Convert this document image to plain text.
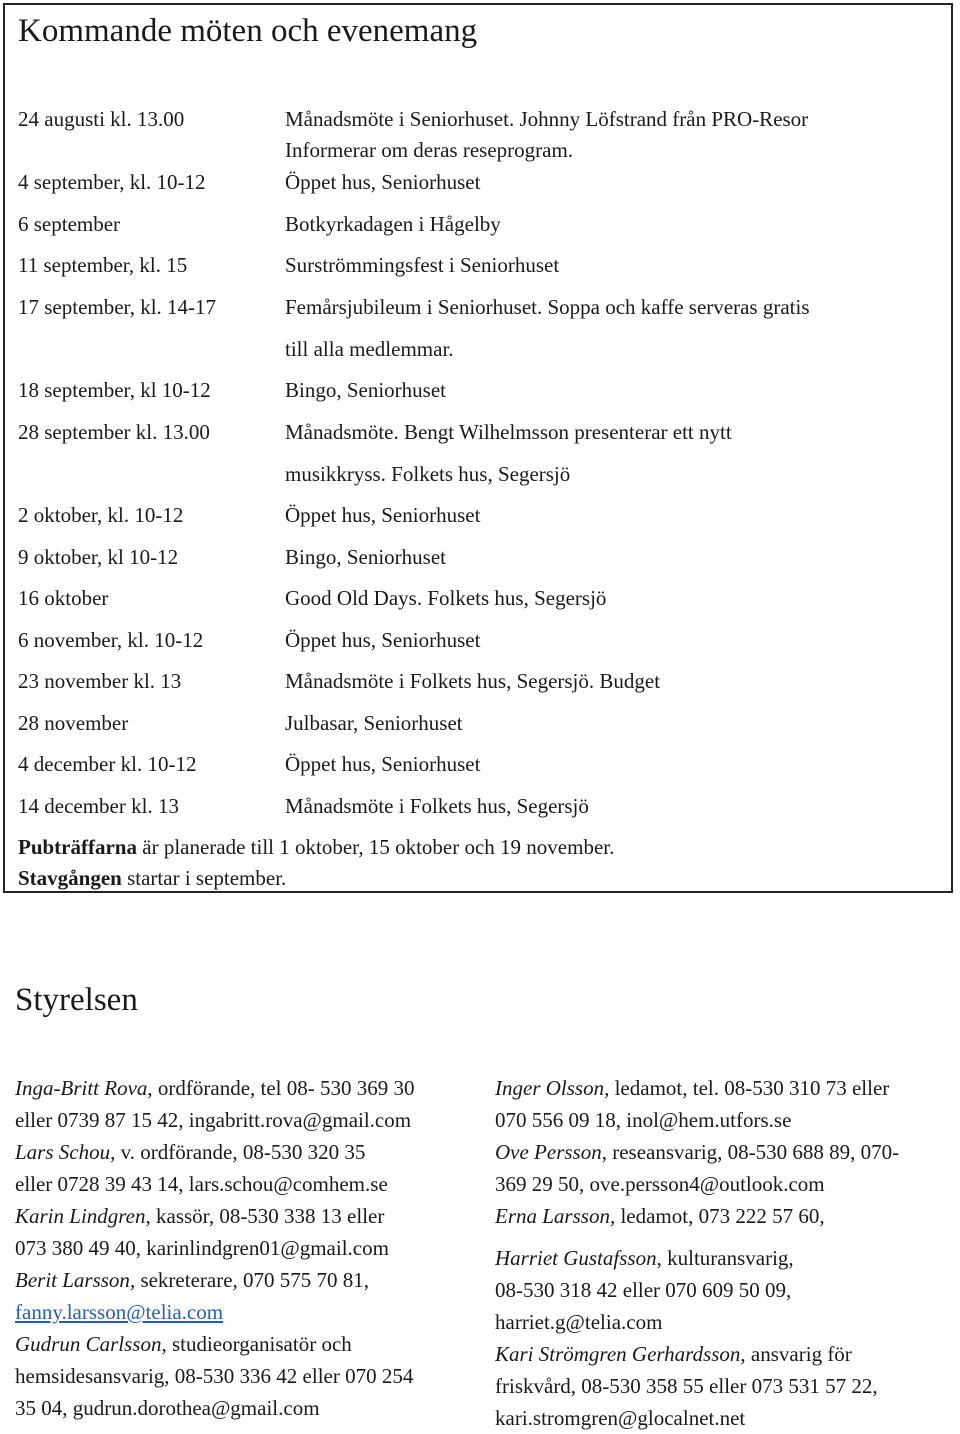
Kommande möten och evenemang
24 augusti kl. 13.00	Månadsmöte i Seniorhuset. Johnny Löfstrand från PRO-Resor
Informerar om deras reseprogram.
4 september, kl. 10-12	Öppet hus, Seniorhuset
6 september	Botkyrkadagen i Hågelby
11 september, kl. 15	Surströmmingsfest i Seniorhuset
17 september, kl. 14-17	Femårsjubileum i Seniorhuset. Soppa och kaffe serveras gratis
till alla medlemmar.
18 september, kl 10-12	Bingo, Seniorhuset
28 september kl. 13.00	Månadsmöte. Bengt Wilhelmsson presenterar ett nytt
musikkryss. Folkets hus, Segersjö
2 oktober, kl. 10-12	Öppet hus, Seniorhuset
9 oktober, kl 10-12	Bingo, Seniorhuset
16 oktober	Good Old Days. Folkets hus, Segersjö
6 november, kl. 10-12	Öppet hus, Seniorhuset
23 november kl. 13	Månadsmöte i Folkets hus, Segersjö. Budget
28 november	Julbasar, Seniorhuset
4 december kl. 10-12	Öppet hus, Seniorhuset
14 december kl. 13	Månadsmöte i Folkets hus, Segersjö
Pubträffarna är planerade till 1 oktober, 15 oktober och 19 november.
Stavgången startar i september.
Styrelsen
Inga-Britt Rova, ordförande, tel 08- 530 369 30
eller 0739 87 15 42, ingabritt.rova@gmail.com
Lars Schou, v. ordförande, 08-530 320 35
eller 0728 39 43 14, lars.schou@comhem.se
Karin Lindgren, kassör, 08-530 338 13 eller
073 380 49 40, karinlindgren01@gmail.com
Berit Larsson, sekreterare, 070 575 70 81,
fanny.larsson@telia.com
Gudrun Carlsson, studieorganisatör och
hemsidesansvarig, 08-530 336 42 eller 070 254
35 04, gudrun.dorothea@gmail.com
Inger Olsson, ledamot, tel. 08-530 310 73 eller
070 556 09 18, inol@hem.utfors.se
Ove Persson, reseansvarig, 08-530 688 89, 070-
369 29 50, ove.persson4@outlook.com
Erna Larsson, ledamot, 073 222 57 60,
Harriet Gustafsson, kulturansvarig,
08-530 318 42 eller 070 609 50 09,
harriet.g@telia.com
Kari Strömgren Gerhardsson, ansvarig för
friskvård, 08-530 358 55 eller 073 531 57 22,
kari.stromgren@glocalnet.net
